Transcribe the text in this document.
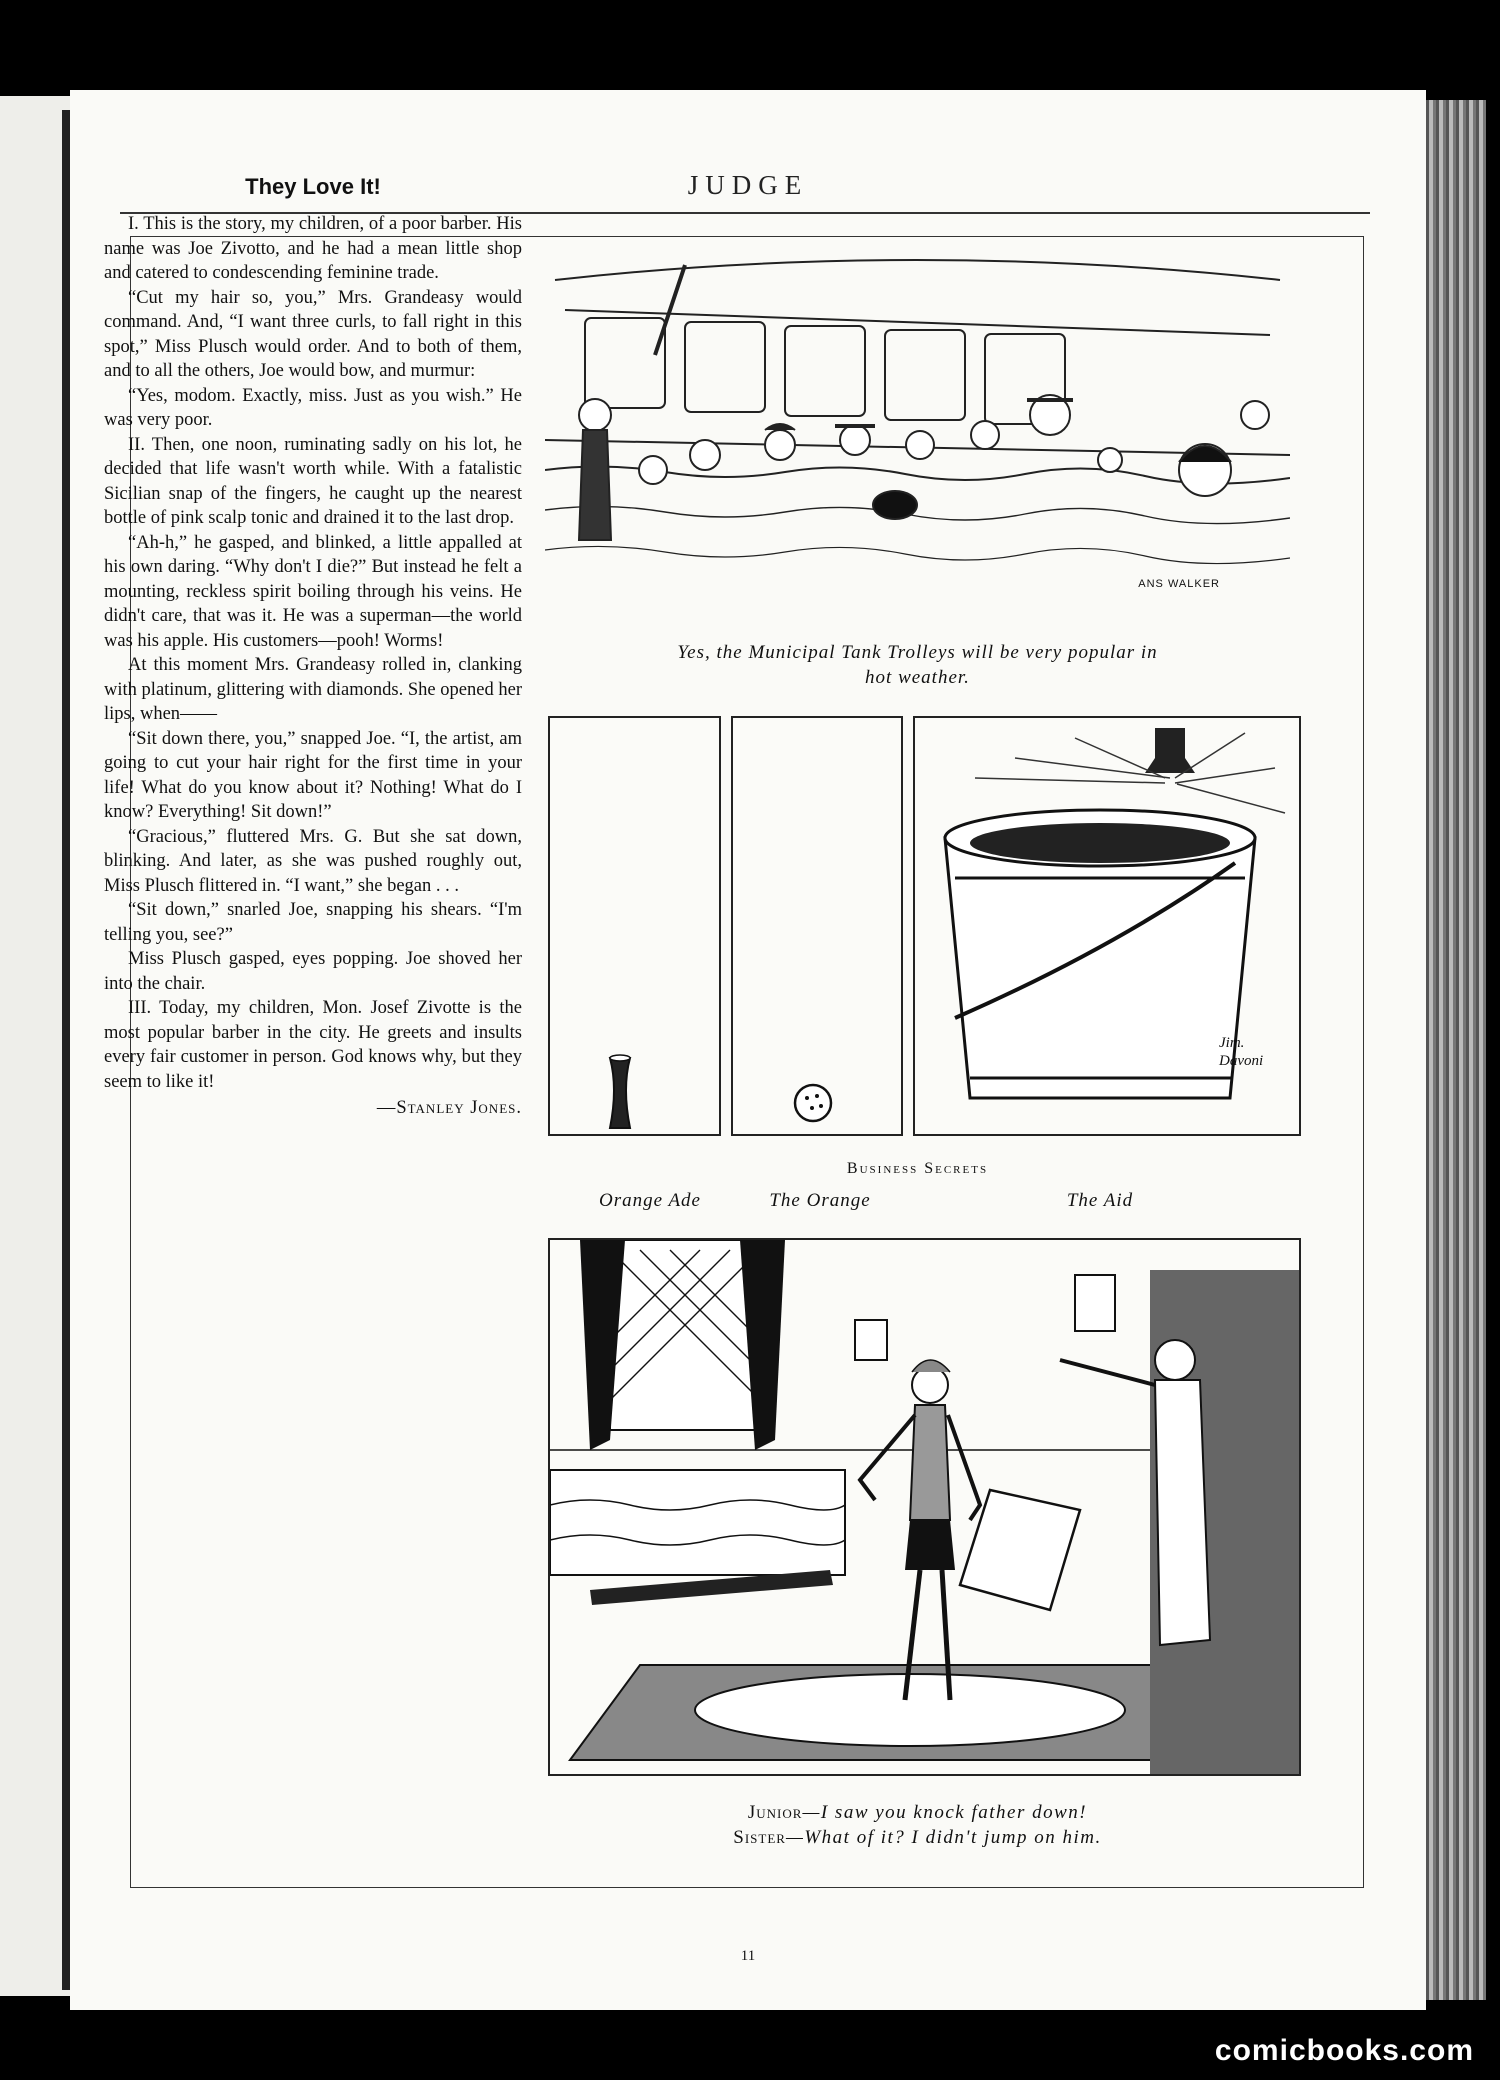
JUDGE
11
They Love It!

I. This is the story, my children, of a poor barber. His name was Joe Zivotto, and he had a mean little shop and catered to condescending feminine trade.

“Cut my hair so, you,” Mrs. Grandeasy would command. And, “I want three curls, to fall right in this spot,” Miss Plusch would order. And to both of them, and to all the others, Joe would bow, and murmur:

“Yes, modom. Exactly, miss. Just as you wish.” He was very poor.

II. Then, one noon, ruminating sadly on his lot, he decided that life wasn't worth while. With a fatalistic Sicilian snap of the fingers, he caught up the nearest bottle of pink scalp tonic and drained it to the last drop.

“Ah-h,” he gasped, and blinked, a little appalled at his own daring. “Why don't I die?” But instead he felt a mounting, reckless spirit boiling through his veins. He didn't care, that was it. He was a superman—the world was his apple. His customers—pooh! Worms!

At this moment Mrs. Grandeasy rolled in, clanking with platinum, glittering with diamonds. She opened her lips, when——

“Sit down there, you,” snapped Joe. “I, the artist, am going to cut your hair right for the first time in your life! What do you know about it? Nothing! What do I know? Everything! Sit down!”

“Gracious,” fluttered Mrs. G. But she sat down, blinking. And later, as she was pushed roughly out, Miss Plusch flittered in. “I want,” she began . . .

“Sit down,” snarled Joe, snapping his shears. “I'm telling you, see?”

Miss Plusch gasped, eyes popping. Joe shoved her into the chair.

III. Today, my children, Mon. Josef Zivotte is the most popular barber in the city. He greets and insults every fair customer in person. God knows why, but they seem to like it!

—Stanley Jones.

ANS WALKER
Yes, the Municipal Tank Trolleys will be very popular in
hot weather.
Jim. Davoni
Business Secrets
Orange Ade	The Orange	The Aid
Junior—I saw you knock father down!
Sister—What of it? I didn't jump on him.
comicbooks.com
